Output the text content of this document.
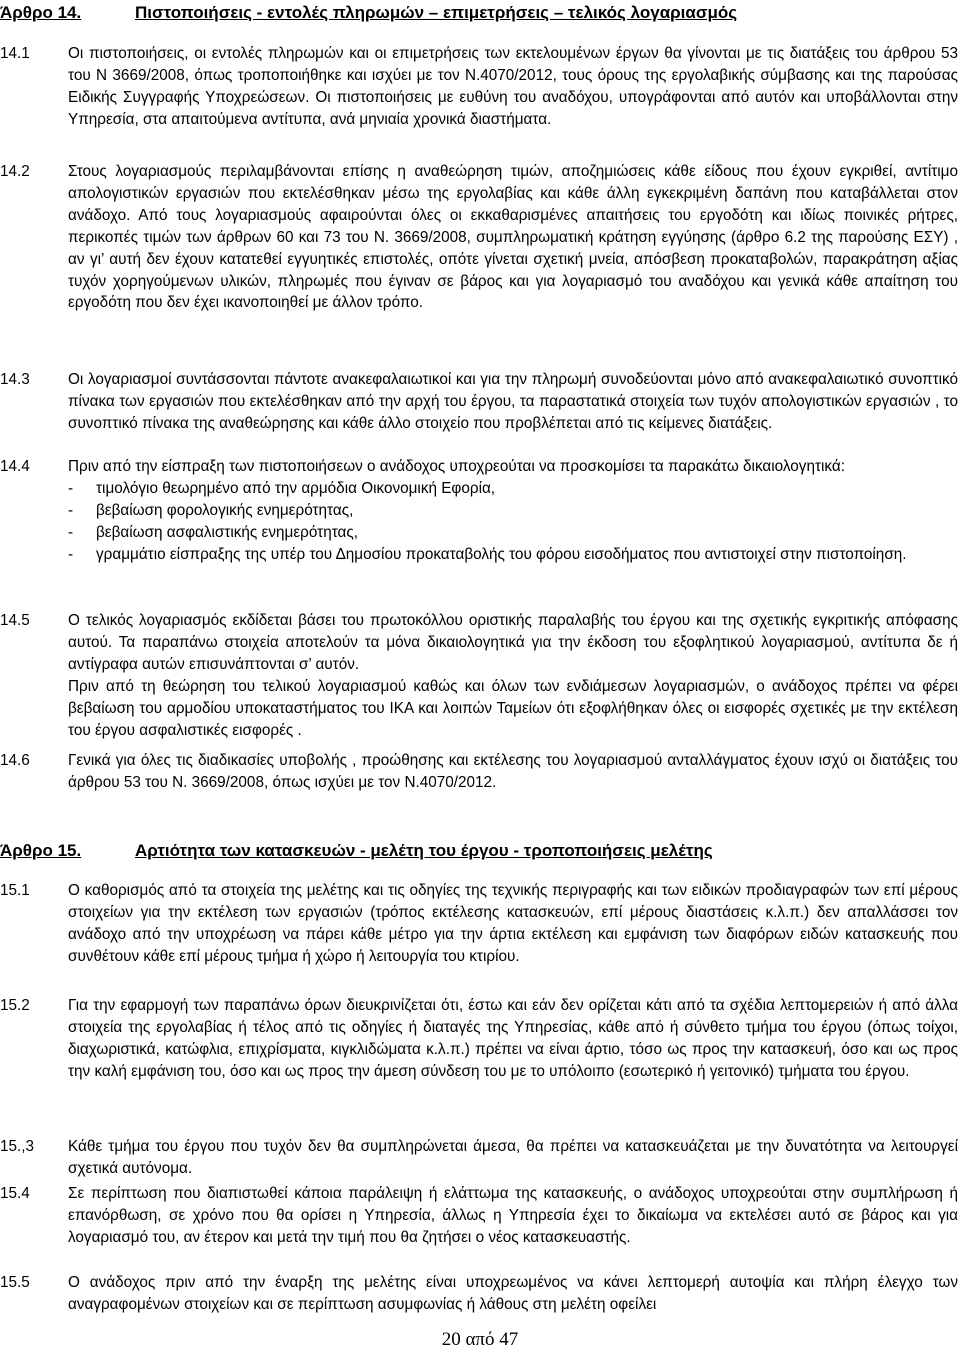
Άρθρο 14.	Πιστοποιήσεις - εντολές πληρωμών – επιμετρήσεις – τελικός λογαριασμός
14.1 Οι πιστοποιήσεις, οι εντολές πληρωμών και οι επιμετρήσεις των εκτελουμένων έργων θα γίνονται με τις διατάξεις του άρθρου 53 του Ν 3669/2008, όπως τροποποιήθηκε και ισχύει με τον Ν.4070/2012, τους όρους της εργολαβικής σύμβασης και της παρούσας Ειδικής Συγγραφής Υποχρεώσεων. Οι πιστοποιήσεις με ευθύνη του αναδόχου, υπογράφονται από αυτόν και υποβάλλονται στην Υπηρεσία, στα απαιτούμενα αντίτυπα, ανά μηνιαία χρονικά διαστήματα.

14.2 Στους λογαριασμούς περιλαμβάνονται επίσης η αναθεώρηση τιμών, αποζημιώσεις κάθε είδους που έχουν εγκριθεί, αντίτιμο απολογιστικών εργασιών που εκτελέσθηκαν μέσω της εργολαβίας και κάθε άλλη εγκεκριμένη δαπάνη που καταβάλλεται στον ανάδοχο. Από τους λογαριασμούς αφαιρούνται όλες οι εκκαθαρισμένες απαιτήσεις του εργοδότη και ιδίως ποινικές ρήτρες, περικοπές τιμών των άρθρων 60 και 73 του Ν. 3669/2008, συμπληρωματική κράτηση εγγύησης (άρθρο 6.2 της παρούσης ΕΣΥ) , αν γι’ αυτή δεν έχουν κατατεθεί εγγυητικές επιστολές, οπότε γίνεται σχετική μνεία, απόσβεση προκαταβολών, παρακράτηση αξίας τυχόν χορηγούμενων υλικών, πληρωμές που έγιναν σε βάρος και για λογαριασμό του αναδόχου και γενικά κάθε απαίτηση του εργοδότη που δεν έχει ικανοποιηθεί με άλλον τρόπο.

14.3 Οι λογαριασμοί συντάσσονται πάντοτε ανακεφαλαιωτικοί και για την πληρωμή συνοδεύονται μόνο από ανακεφαλαιωτικό συνοπτικό πίνακα των εργασιών που εκτελέσθηκαν από την αρχή του έργου, τα παραστατικά στοιχεία των τυχόν απολογιστικών εργασιών , το συνοπτικό πίνακα της αναθεώρησης και κάθε άλλο στοιχείο που προβλέπεται από τις κείμενες διατάξεις.

14.4 Πριν από την είσπραξη των πιστοποιήσεων ο ανάδοχος υποχρεούται να προσκομίσει τα παρακάτω δικαιολογητικά:

- τιμολόγιο θεωρημένο από την αρμόδια Οικονομική Εφορία,
- βεβαίωση φορολογικής ενημερότητας,
- βεβαίωση ασφαλιστικής ενημερότητας,
- γραμμάτιο είσπραξης της υπέρ του Δημοσίου προκαταβολής του φόρου εισοδήματος που αντιστοιχεί στην πιστοποίηση.
14.5 Ο τελικός λογαριασμός εκδίδεται βάσει του πρωτοκόλλου οριστικής παραλαβής του έργου και της σχετικής εγκριτικής απόφασης αυτού. Τα παραπάνω στοιχεία αποτελούν τα μόνα δικαιολογητικά για την έκδοση του εξοφλητικού λογαριασμού, αντίτυπα δε ή αντίγραφα αυτών επισυνάπτονται σ’ αυτόν.

Πριν από τη θεώρηση του τελικού λογαριασμού καθώς και όλων των ενδιάμεσων λογαριασμών, ο ανάδοχος πρέπει να φέρει βεβαίωση του αρμοδίου υποκαταστήματος του ΙΚΑ και λοιπών Ταμείων ότι εξοφλήθηκαν όλες οι εισφορές σχετικές με την εκτέλεση του έργου ασφαλιστικές εισφορές .

14.6 Γενικά για όλες τις διαδικασίες υποβολής , προώθησης και εκτέλεσης του λογαριασμού ανταλλάγματος έχουν ισχύ οι διατάξεις του άρθρου 53 του Ν. 3669/2008, όπως ισχύει με τον Ν.4070/2012.

Άρθρο 15.	Αρτιότητα των κατασκευών - μελέτη του έργου - τροποποιήσεις μελέτης
15.1 Ο καθορισμός από τα στοιχεία της μελέτης και τις οδηγίες της τεχνικής περιγραφής και των ειδικών προδιαγραφών των επί μέρους στοιχείων για την εκτέλεση των εργασιών (τρόπος εκτέλεσης κατασκευών, επί μέρους διαστάσεις κ.λ.π.) δεν απαλλάσσει τον ανάδοχο από την υποχρέωση να πάρει κάθε μέτρο για την άρτια εκτέλεση και εμφάνιση των διαφόρων ειδών κατασκευής που συνθέτουν κάθε επί μέρους τμήμα ή χώρο ή λειτουργία του κτιρίου.

15.2 Για την εφαρμογή των παραπάνω όρων διευκρινίζεται ότι, έστω και εάν δεν ορίζεται κάτι από τα σχέδια λεπτομερειών ή από άλλα στοιχεία της εργολαβίας ή τέλος από τις οδηγίες ή διαταγές της Υπηρεσίας, κάθε από ή σύνθετο τμήμα του έργου (όπως τοίχοι, διαχωριστικά, κατώφλια, επιχρίσματα, κιγκλιδώματα κ.λ.π.) πρέπει να είναι άρτιο, τόσο ως προς την κατασκευή, όσο και ως προς την καλή εμφάνιση του, όσο και ως προς την άμεση σύνδεση του με το υπόλοιπο (εσωτερικό ή γειτονικό) τμήματα του έργου.

15.,3 Κάθε τμήμα του έργου που τυχόν δεν θα συμπληρώνεται άμεσα, θα πρέπει να κατασκευάζεται με την δυνατότητα να λειτουργεί σχετικά αυτόνομα.

15.4 Σε περίπτωση που διαπιστωθεί κάποια παράλειψη ή ελάττωμα της κατασκευής, ο ανάδοχος υποχρεούται στην συμπλήρωση ή επανόρθωση, σε χρόνο που θα ορίσει η Υπηρεσία, άλλως η Υπηρεσία έχει το δικαίωμα να εκτελέσει αυτό σε βάρος και για λογαριασμό του, αν έτερον και μετά την τιμή που θα ζητήσει ο νέος κατασκευαστής.

15.5 Ο ανάδοχος πριν από την έναρξη της μελέτης είναι υποχρεωμένος να κάνει λεπτομερή αυτοψία και πλήρη έλεγχο των αναγραφομένων στοιχείων και σε περίπτωση ασυμφωνίας ή λάθους στη μελέτη οφείλει

20 από 47
